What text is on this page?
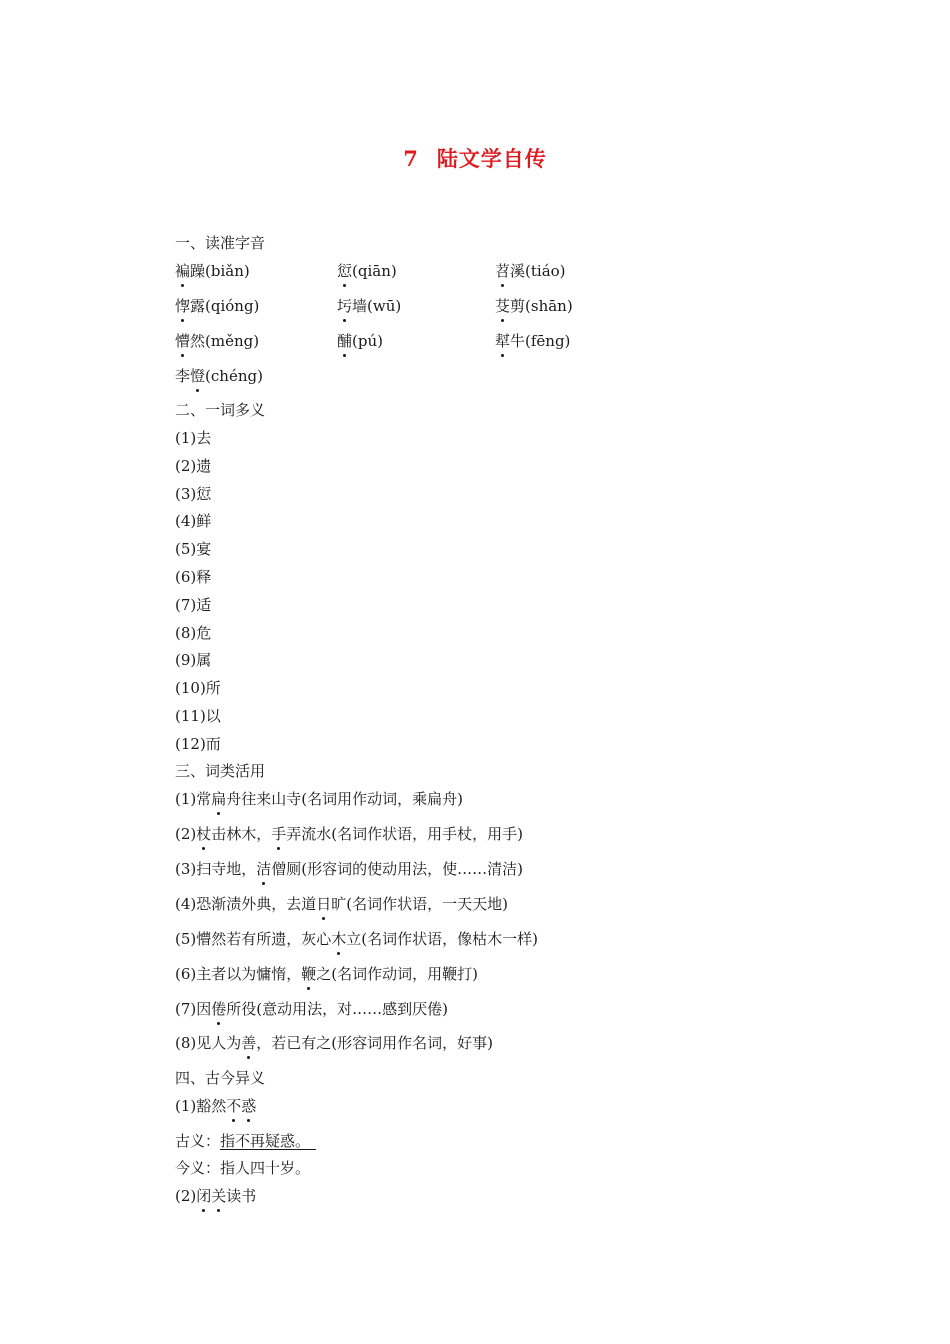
7 陆文学自传
一、读准字音
褊躁(biǎn)	愆(qiān)	苕溪(tiáo)
惸露(qióng)	圬墙(wū)	芟剪(shān)
懵然(měng)	酺(pú)	犎牛(fēng)
李憕(chéng)
二、一词多义
(1)去
(2)遗
(3)愆
(4)鲜
(5)宴
(6)释
(7)适
(8)危
(9)属
(10)所
(11)以
(12)而
三、词类活用
(1)常扁舟往来山寺(名词用作动词，乘扁舟)
(2)杖击林木，手弄流水(名词作状语，用手杖，用手)
(3)扫寺地，洁僧厕(形容词的使动用法，使……清洁)
(4)恐渐渍外典，去道日旷(名词作状语，一天天地)
(5)懵然若有所遗，灰心木立(名词作状语，像枯木一样)
(6)主者以为慵惰，鞭之(名词作动词，用鞭打)
(7)因倦所役(意动用法，对……感到厌倦)
(8)见人为善，若已有之(形容词用作名词，好事)
四、古今异义
(1)豁然不惑
古义：指不再疑惑。
今义：指人四十岁。
(2)闭关读书
